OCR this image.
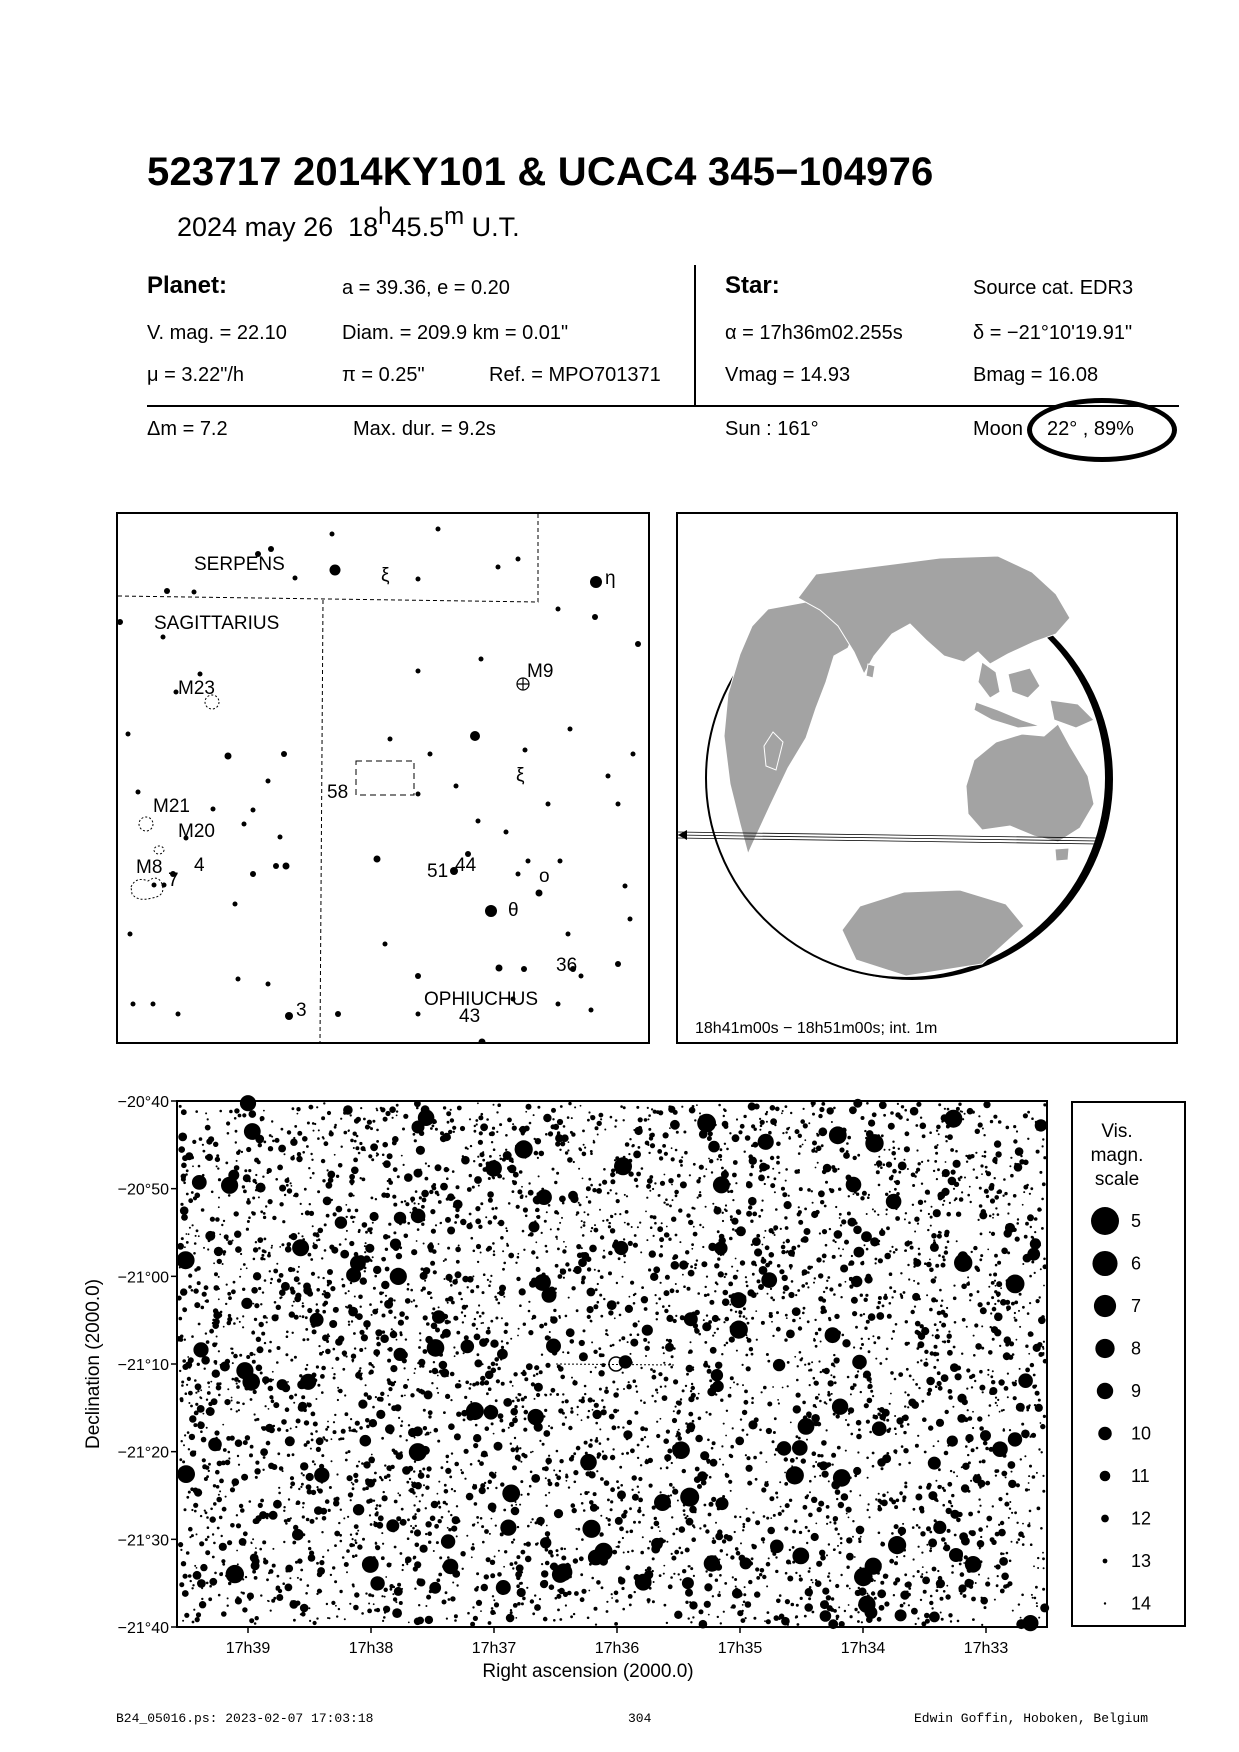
523717 2014KY101 & UCAC4 345−104976
2024 may 26 18$^h$45.5$^m$ U.T.
Planet:	a = 39.36, e = 0.20
V. mag. = 22.10	Diam. = 209.9 km = 0.01"
μ = 3.22"/h	π = 0.25"	Ref. = MPO701371
Star:	Source cat. EDR3
α = 17h36m02.255s	δ = −21°10'19.91"
Vmag = 14.93	Bmag = 16.08
Δm = 7.2	Max. dur. = 9.2s	Sun : 161°	Moon 22° , 89%
SERPENS
SAGITTARIUS
OPHIUCHUS
M23
M21
M20
M8
M9
58
51 44
36
43
3
4
7
ξ
ξ
η
θ
o
18h41m00s − 18h51m00s; int. 1m
−20°40
−20°50
−21°00
−21°10
−21°20
−21°30
−21°40
17h39	17h38	17h37	17h36	17h35	17h34	17h33
Right ascension (2000.0)
Declination (2000.0)
Vis.
magn.
scale
5
6
7
8
9
10
11
12
13
14
B24_05016.ps: 2023-02-07 17:03:18	304	Edwin Goffin, Hoboken, Belgium
